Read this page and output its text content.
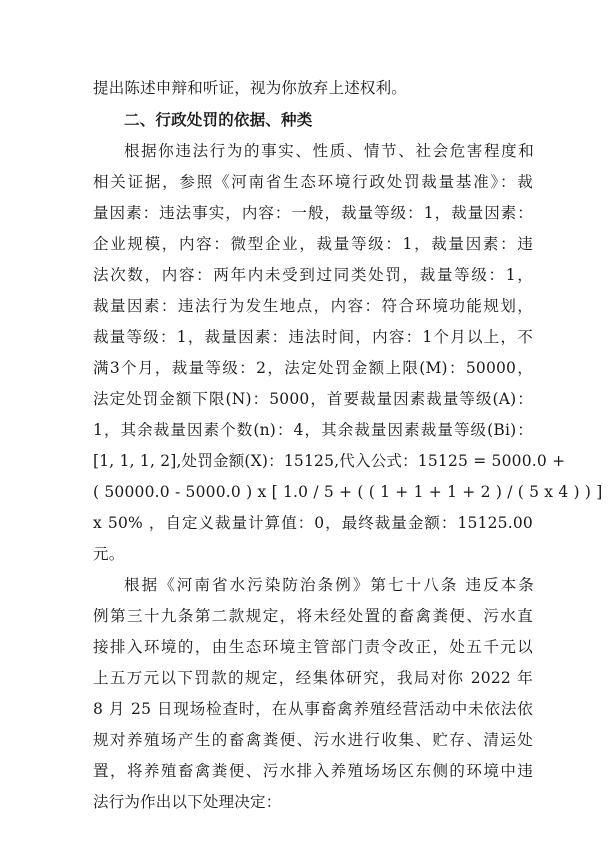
提出陈述申辩和听证，视为你放弃上述权利。
二、行政处罚的依据、种类
根据你违法行为的事实、性质、情节、社会危害程度和
相关证据，参照《河南省生态环境行政处罚裁量基准》：裁
量因素：违法事实，内容：一般，裁量等级：1，裁量因素：
企业规模，内容：微型企业，裁量等级：1，裁量因素：违
法次数，内容：两年内未受到过同类处罚，裁量等级：1，
裁量因素：违法行为发生地点，内容：符合环境功能规划，
裁量等级：1，裁量因素：违法时间，内容：1个月以上，不
满3个月，裁量等级：2，法定处罚金额上限(M)：50000，
法定处罚金额下限(N)：5000，首要裁量因素裁量等级(A)：
1，其余裁量因素个数(n)：4，其余裁量因素裁量等级(Bi)：
[1, 1, 1, 2],处罚金额(X)：15125,代入公式：15125 = 5000.0 +
( 50000.0 - 5000.0 ) x [ 1.0 / 5 + ( ( 1 + 1 + 1 + 2 ) / ( 5 x 4 ) ) ]
x 50% ，自定义裁量计算值：0，最终裁量金额：15125.00
元。
根据《河南省水污染防治条例》第七十八条 违反本条
例第三十九条第二款规定，将未经处置的畜禽粪便、污水直
接排入环境的，由生态环境主管部门责令改正，处五千元以
上五万元以下罚款的规定，经集体研究，我局对你 2022 年
8 月 25 日现场检查时，在从事畜禽养殖经营活动中未依法依
规对养殖场产生的畜禽粪便、污水进行收集、贮存、清运处
置，将养殖畜禽粪便、污水排入养殖场场区东侧的环境中违
法行为作出以下处理决定：
